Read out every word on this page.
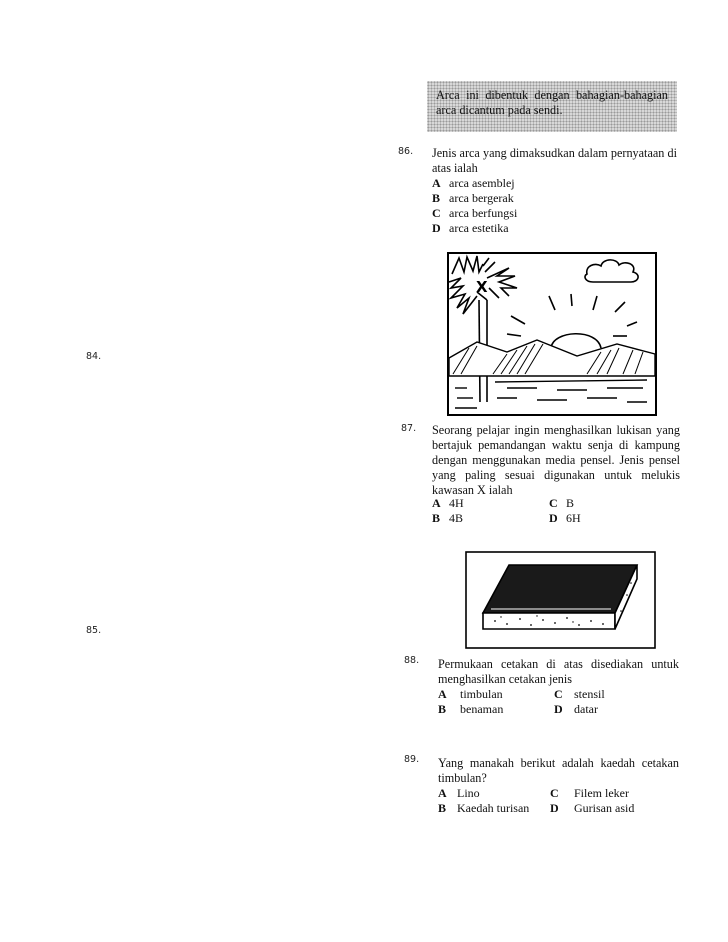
84.
85.
Arca ini dibentuk dengan bahagian-bahagian arca dicantum pada sendi.
86. Jenis arca yang dimaksudkan dalam pernyataan di atas ialah
A arca asemblej
B arca bergerak
C arca berfungsi
D arca estetika
X
87. Seorang pelajar ingin menghasilkan lukisan yang bertajuk pemandangan waktu senja di kampung dengan menggunakan media pensel. Jenis pensel yang paling sesuai digunakan untuk melukis kawasan X ialah
A 4H	C B
B 4B	D 6H
88. Permukaan cetakan di atas disediakan untuk menghasilkan cetakan jenis
A	timbulan	C stensil
B	benaman	D datar
89. Yang manakah berikut adalah kaedah cetakan timbulan?
A Lino	C	Filem leker
B Kaedah turisan D	Gurisan asid
